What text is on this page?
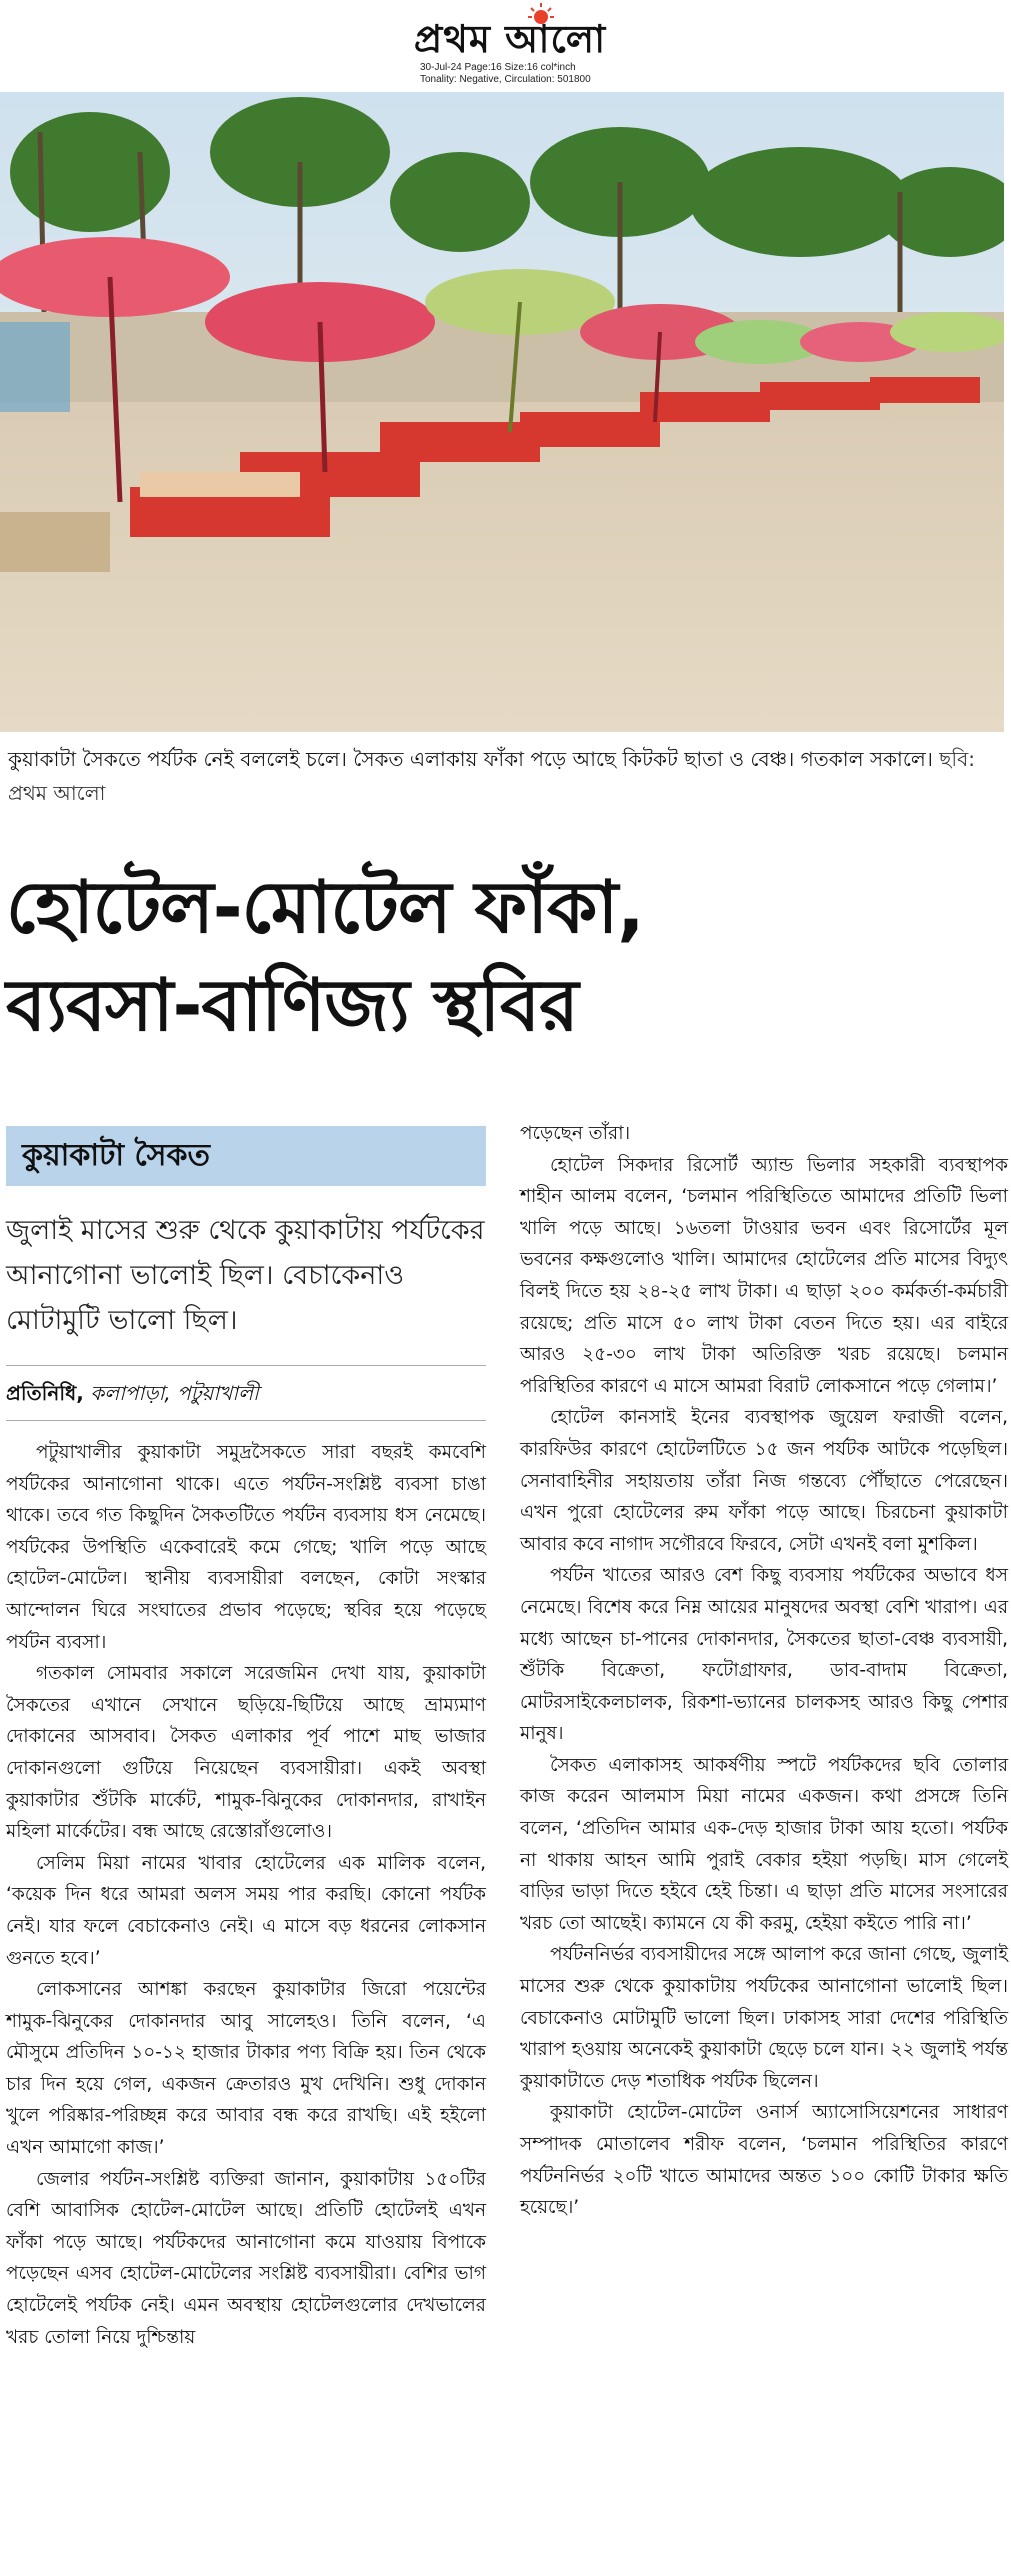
প্রথম আলো
30-Jul-24 Page:16 Size:16 col*inch
Tonality: Negative, Circulation: 501800
কুয়াকাটা সৈকতে পর্যটক নেই বললেই চলে। সৈকত এলাকায় ফাঁকা পড়ে আছে কিটকট ছাতা ও বেঞ্চ। গতকাল সকালে। ছবি: প্রথম আলো
হোটেল-মোটেল ফাঁকা,
ব্যবসা-বাণিজ্য স্থবির
কুয়াকাটা সৈকত
জুলাই মাসের শুরু থেকে কুয়াকাটায় পর্যটকের আনাগোনা ভালোই ছিল। বেচাকেনাও মোটামুটি ভালো ছিল।
প্রতিনিধি, কলাপাড়া, পটুয়াখালী

পটুয়াখালীর কুয়াকাটা সমুদ্রসৈকতে সারা বছরই কমবেশি পর্যটকের আনাগোনা থাকে। এতে পর্যটন-সংশ্লিষ্ট ব্যবসা চাঙা থাকে। তবে গত কিছুদিন সৈকতটিতে পর্যটন ব্যবসায় ধস নেমেছে। পর্যটকের উপস্থিতি একেবারেই কমে গেছে; খালি পড়ে আছে হোটেল-মোটেল। স্থানীয় ব্যবসায়ীরা বলছেন, কোটা সংস্কার আন্দোলন ঘিরে সংঘাতের প্রভাব পড়েছে; স্থবির হয়ে পড়েছে পর্যটন ব্যবসা।

গতকাল সোমবার সকালে সরেজমিন দেখা যায়, কুয়াকাটা সৈকতের এখানে সেখানে ছড়িয়ে-ছিটিয়ে আছে ভ্রাম্যমাণ দোকানের আসবাব। সৈকত এলাকার পূর্ব পাশে মাছ ভাজার দোকানগুলো গুটিয়ে নিয়েছেন ব্যবসায়ীরা। একই অবস্থা কুয়াকাটার শুঁটকি মার্কেট, শামুক-ঝিনুকের দোকানদার, রাখাইন মহিলা মার্কেটের। বন্ধ আছে রেস্তোরাঁগুলোও।

সেলিম মিয়া নামের খাবার হোটেলের এক মালিক বলেন, ‘কয়েক দিন ধরে আমরা অলস সময় পার করছি। কোনো পর্যটক নেই। যার ফলে বেচাকেনাও নেই। এ মাসে বড় ধরনের লোকসান গুনতে হবে।’

লোকসানের আশঙ্কা করছেন কুয়াকাটার জিরো পয়েন্টের শামুক-ঝিনুকের দোকানদার আবু সালেহও। তিনি বলেন, ‘এ মৌসুমে প্রতিদিন ১০-১২ হাজার টাকার পণ্য বিক্রি হয়। তিন থেকে চার দিন হয়ে গেল, একজন ক্রেতারও মুখ দেখিনি। শুধু দোকান খুলে পরিষ্কার-পরিচ্ছন্ন করে আবার বন্ধ করে রাখছি। এই হইলো এখন আমাগো কাজ।’

জেলার পর্যটন-সংশ্লিষ্ট ব্যক্তিরা জানান, কুয়াকাটায় ১৫০টির বেশি আবাসিক হোটেল-মোটেল আছে। প্রতিটি হোটেলই এখন ফাঁকা পড়ে আছে। পর্যটকদের আনাগোনা কমে যাওয়ায় বিপাকে পড়েছেন এসব হোটেল-মোটেলের সংশ্লিষ্ট ব্যবসায়ীরা। বেশির ভাগ হোটেলেই পর্যটক নেই। এমন অবস্থায় হোটেলগুলোর দেখভালের খরচ তোলা নিয়ে দুশ্চিন্তায়

পড়েছেন তাঁরা।

হোটেল সিকদার রিসোর্ট অ্যান্ড ভিলার সহকারী ব্যবস্থাপক শাহীন আলম বলেন, ‘চলমান পরিস্থিতিতে আমাদের প্রতিটি ভিলা খালি পড়ে আছে। ১৬তলা টাওয়ার ভবন এবং রিসোর্টের মূল ভবনের কক্ষগুলোও খালি। আমাদের হোটেলের প্রতি মাসের বিদ্যুৎ বিলই দিতে হয় ২৪-২৫ লাখ টাকা। এ ছাড়া ২০০ কর্মকর্তা-কর্মচারী রয়েছে; প্রতি মাসে ৫০ লাখ টাকা বেতন দিতে হয়। এর বাইরে আরও ২৫-৩০ লাখ টাকা অতিরিক্ত খরচ রয়েছে। চলমান পরিস্থিতির কারণে এ মাসে আমরা বিরাট লোকসানে পড়ে গেলাম।’

হোটেল কানসাই ইনের ব্যবস্থাপক জুয়েল ফরাজী বলেন, কারফিউর কারণে হোটেলটিতে ১৫ জন পর্যটক আটকে পড়েছিল। সেনাবাহিনীর সহায়তায় তাঁরা নিজ গন্তব্যে পৌঁছাতে পেরেছেন। এখন পুরো হোটেলের রুম ফাঁকা পড়ে আছে। চিরচেনা কুয়াকাটা আবার কবে নাগাদ সগৌরবে ফিরবে, সেটা এখনই বলা মুশকিল।

পর্যটন খাতের আরও বেশ কিছু ব্যবসায় পর্যটকের অভাবে ধস নেমেছে। বিশেষ করে নিম্ন আয়ের মানুষদের অবস্থা বেশি খারাপ। এর মধ্যে আছেন চা-পানের দোকানদার, সৈকতের ছাতা-বেঞ্চ ব্যবসায়ী, শুঁটকি বিক্রেতা, ফটোগ্রাফার, ডাব-বাদাম বিক্রেতা, মোটরসাইকেলচালক, রিকশা-ভ্যানের চালকসহ আরও কিছু পেশার মানুষ।

সৈকত এলাকাসহ আকর্ষণীয় স্পটে পর্যটকদের ছবি তোলার কাজ করেন আলমাস মিয়া নামের একজন। কথা প্রসঙ্গে তিনি বলেন, ‘প্রতিদিন আমার এক-দেড় হাজার টাকা আয় হতো। পর্যটক না থাকায় আহন আমি পুরাই বেকার হইয়া পড়ছি। মাস গেলেই বাড়ির ভাড়া দিতে হইবে হেই চিন্তা। এ ছাড়া প্রতি মাসের সংসারের খরচ তো আছেই। ক্যামনে যে কী করমু, হেইয়া কইতে পারি না।’

পর্যটননির্ভর ব্যবসায়ীদের সঙ্গে আলাপ করে জানা গেছে, জুলাই মাসের শুরু থেকে কুয়াকাটায় পর্যটকের আনাগোনা ভালোই ছিল। বেচাকেনাও মোটামুটি ভালো ছিল। ঢাকাসহ সারা দেশের পরিস্থিতি খারাপ হওয়ায় অনেকেই কুয়াকাটা ছেড়ে চলে যান। ২২ জুলাই পর্যন্ত কুয়াকাটাতে দেড় শতাধিক পর্যটক ছিলেন।

কুয়াকাটা হোটেল-মোটেল ওনার্স অ্যাসোসিয়েশনের সাধারণ সম্পাদক মোতালেব শরীফ বলেন, ‘চলমান পরিস্থিতির কারণে পর্যটননির্ভর ২০টি খাতে আমাদের অন্তত ১০০ কোটি টাকার ক্ষতি হয়েছে।’
